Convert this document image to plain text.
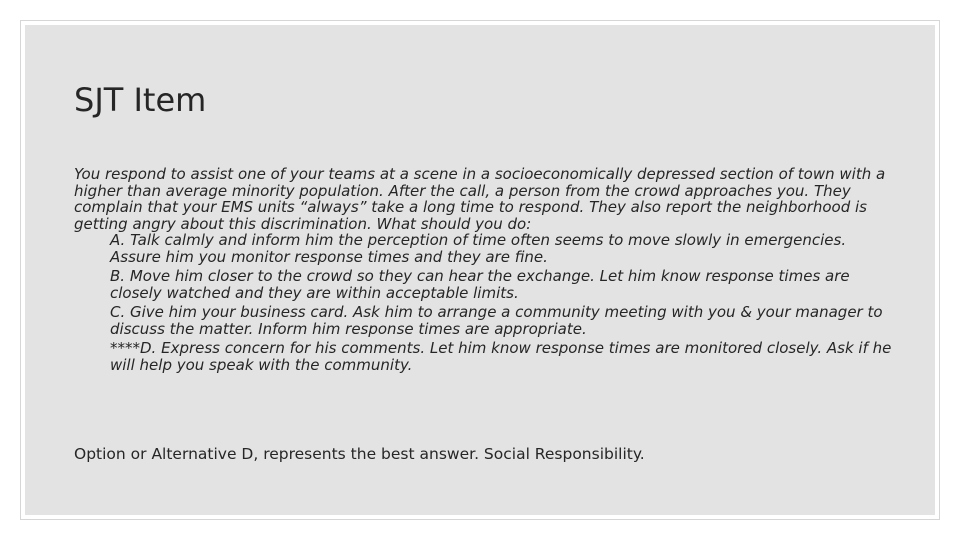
SJT Item

You respond to assist one of your teams at a scene in a socioeconomically depressed section of town with a higher than average minority population. After the call, a person from the crowd approaches you. They complain that your EMS units “always” take a long time to respond. They also report the neighborhood is getting angry about this discrimination. What should you do:

A. Talk calmly and inform him the perception of time often seems to move slowly in emergencies. Assure him you monitor response times and they are fine.
B. Move him closer to the crowd so they can hear the exchange. Let him know response times are closely watched and they are within acceptable limits.
C. Give him your business card. Ask him to arrange a community meeting with you & your manager to discuss the matter. Inform him response times are appropriate.
****D. Express concern for his comments. Let him know response times are monitored closely. Ask if he will help you speak with the community.

Option or Alternative D, represents the best answer. Social Responsibility.
